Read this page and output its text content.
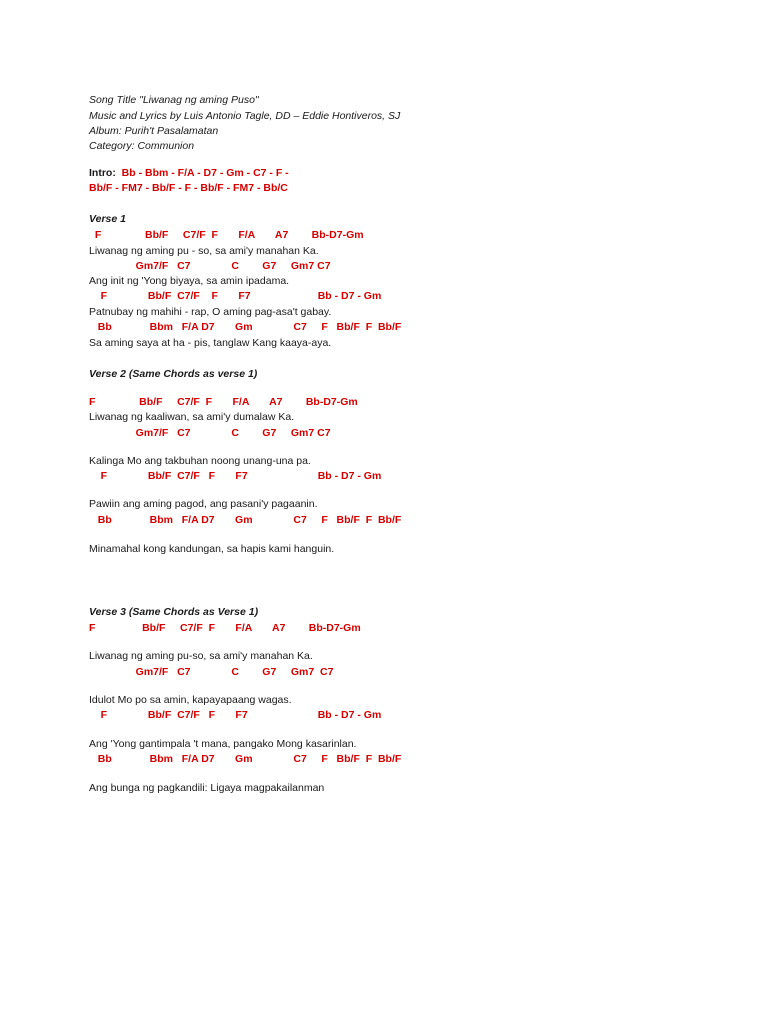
Song Title "Liwanag ng aming Puso"
Music and Lyrics by Luis Antonio Tagle, DD – Eddie Hontiveros, SJ
Album: Purih't Pasalamatan
Category: Communion
Intro:  Bb - Bbm - F/A - D7 - Gm - C7 - F -
Bb/F - FM7 - Bb/F - F - Bb/F - FM7 - Bb/C
Verse 1
F               Bb/F     C7/F  F       F/A       A7        Bb-D7-Gm
Liwanag ng aming pu - so, sa ami'y manahan Ka.
Gm7/F   C7              C        G7     Gm7 C7
Ang init ng 'Yong biyaya, sa amin ipadama.
F              Bb/F  C7/F    F       F7                       Bb - D7 - Gm
Patnubay ng mahihi - rap, O aming pag-asa't gabay.
Bb             Bbm   F/A D7       Gm              C7     F   Bb/F  F  Bb/F
Sa aming saya at ha - pis, tanglaw Kang kaaya-aya.
Verse 2 (Same Chords as verse 1)
F               Bb/F     C7/F  F       F/A       A7        Bb-D7-Gm
Liwanag ng kaaliwan, sa ami'y dumalaw Ka.
Gm7/F   C7              C        G7     Gm7 C7
Kalinga Mo ang takbuhan noong unang-una pa.
F              Bb/F  C7/F   F       F7                        Bb - D7 - Gm
Pawiin ang aming pagod, ang pasani'y pagaanin.
Bb             Bbm   F/A D7       Gm              C7     F   Bb/F  F  Bb/F
Minamahal kong kandungan, sa hapis kami hanguin.
Verse 3 (Same Chords as Verse 1)
F                Bb/F     C7/F  F       F/A       A7        Bb-D7-Gm
Liwanag ng aming pu-so, sa ami'y manahan Ka.
Gm7/F   C7              C        G7     Gm7  C7
Idulot Mo po sa amin, kapayapaang wagas.
F              Bb/F  C7/F   F       F7                        Bb - D7 - Gm
Ang 'Yong gantimpala 't mana, pangako Mong kasarinlan.
Bb             Bbm   F/A D7       Gm              C7     F   Bb/F  F  Bb/F
Ang bunga ng pagkandili: Ligaya magpakailanman
